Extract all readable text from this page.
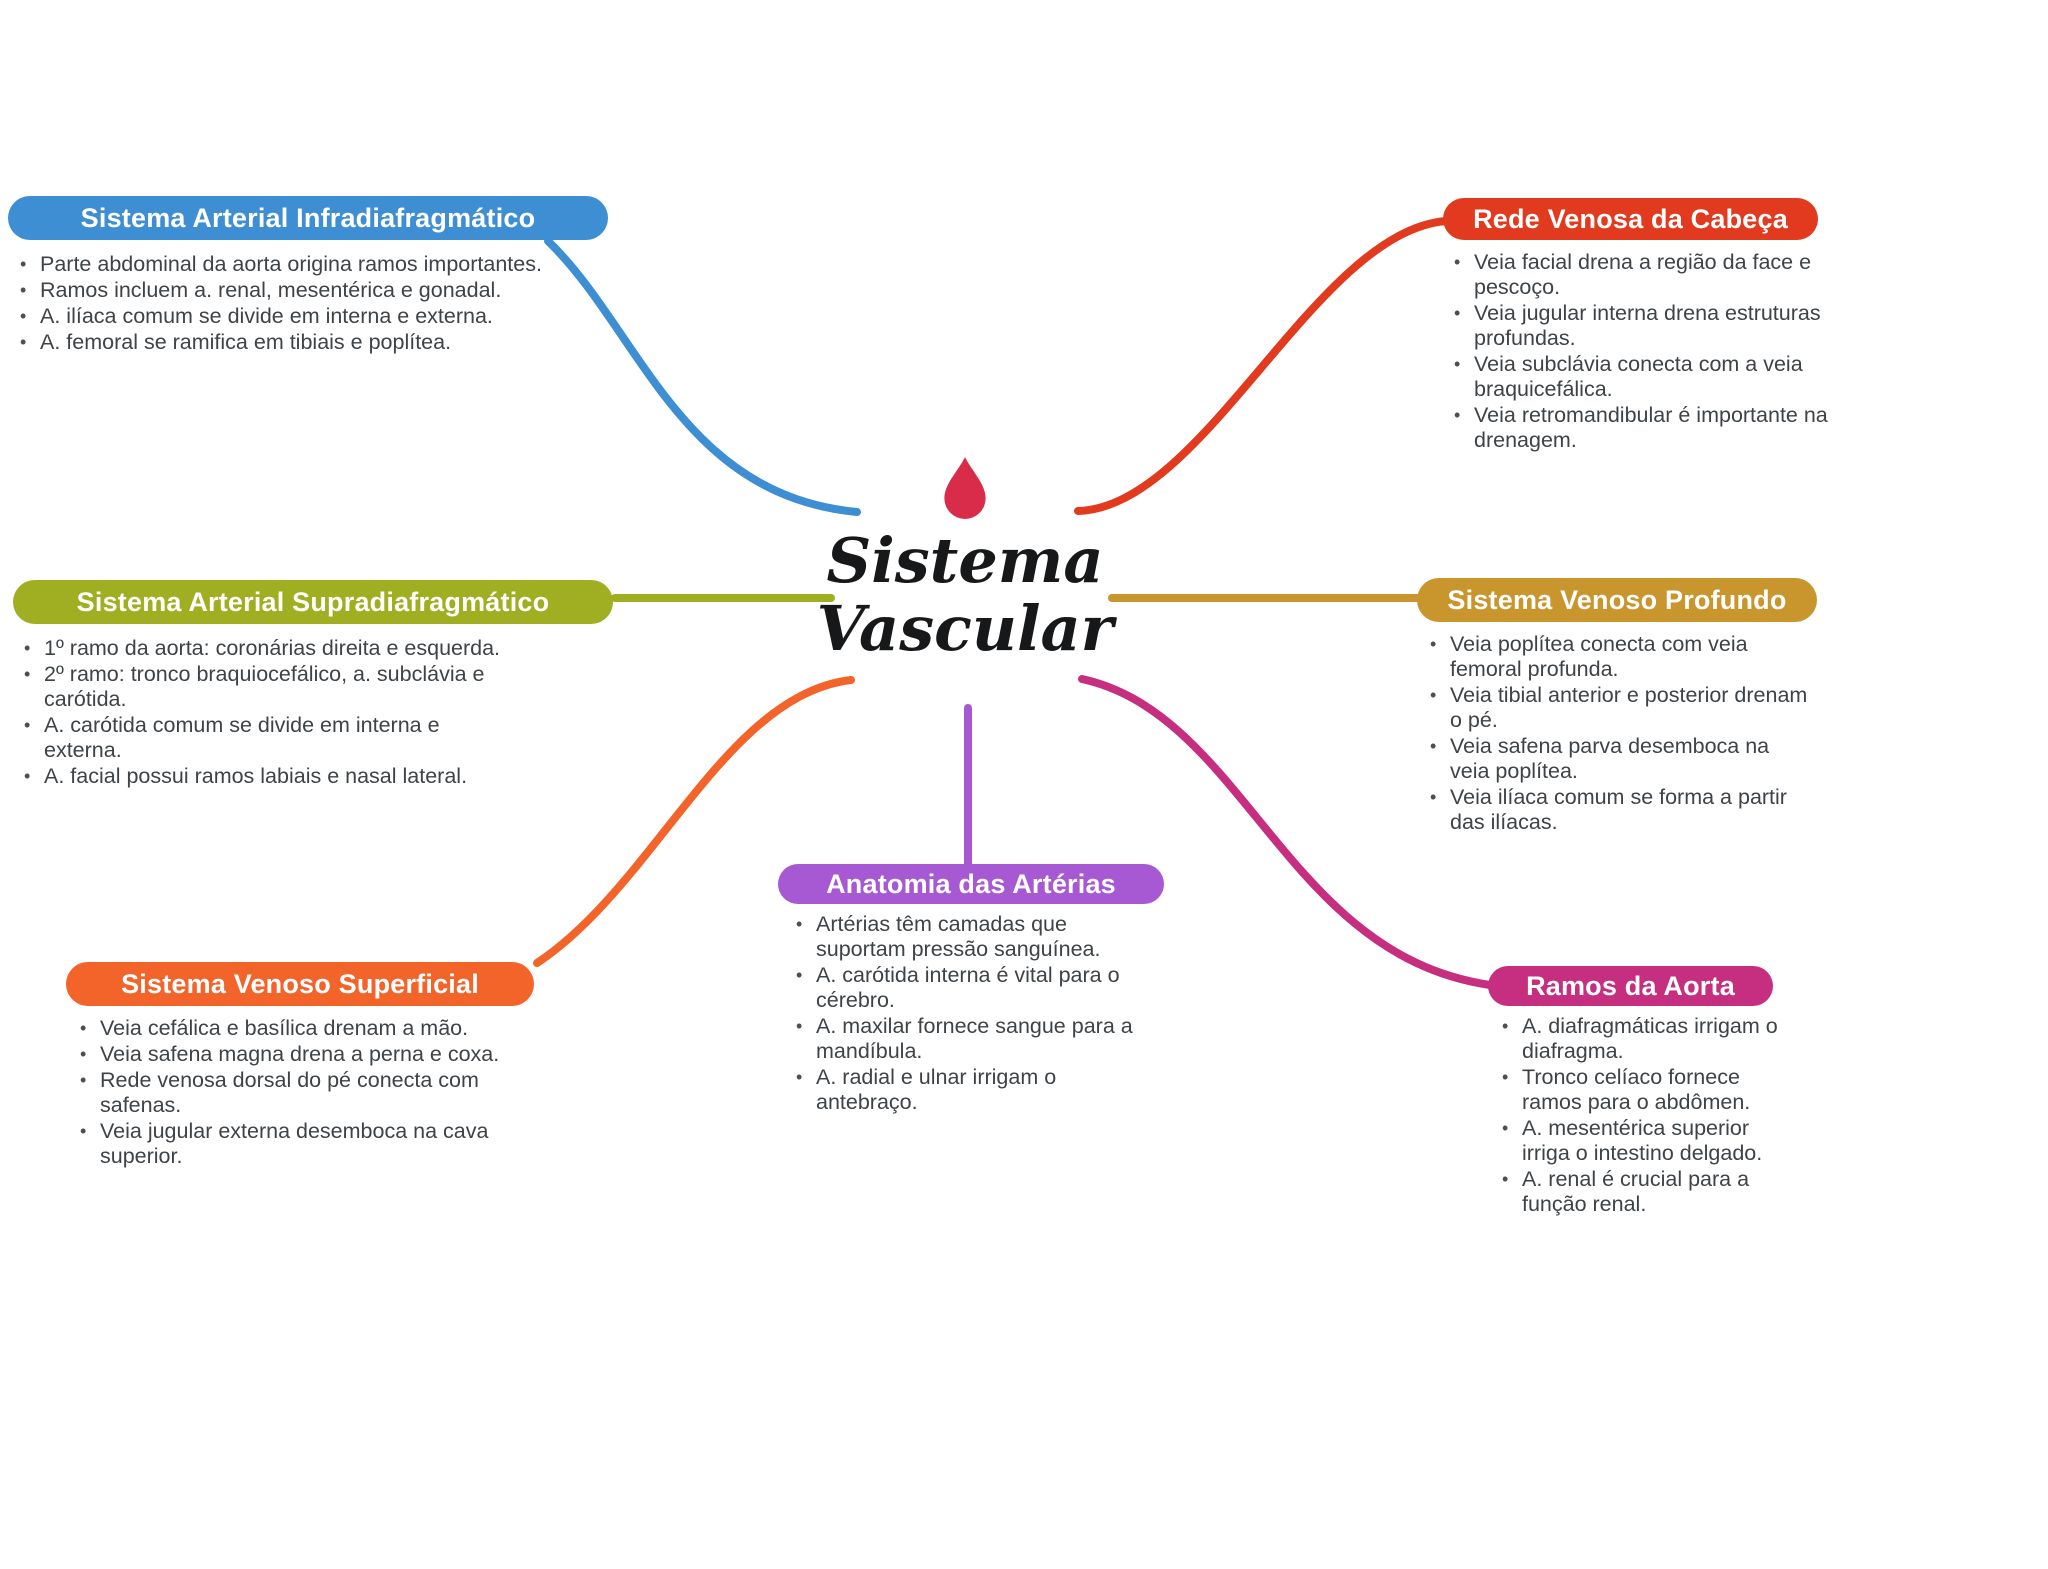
Sistema
Vascular
Sistema Arterial Infradiafragmático
• Parte abdominal da aorta origina ramos importantes.
• Ramos incluem a. renal, mesentérica e gonadal.
• A. ilíaca comum se divide em interna e externa.
• A. femoral se ramifica em tibiais e poplítea.
Rede Venosa da Cabeça
• Veia facial drena a região da face e pescoço.
• Veia jugular interna drena estruturas profundas.
• Veia subclávia conecta com a veia braquicefálica.
• Veia retromandibular é importante na drenagem.
Sistema Arterial Supradiafragmático
• 1º ramo da aorta: coronárias direita e esquerda.
• 2º ramo: tronco braquiocefálico, a. subclávia e carótida.
• A. carótida comum se divide em interna e externa.
• A. facial possui ramos labiais e nasal lateral.
Sistema Venoso Profundo
• Veia poplítea conecta com veia femoral profunda.
• Veia tibial anterior e posterior drenam o pé.
• Veia safena parva desemboca na veia poplítea.
• Veia ilíaca comum se forma a partir das ilíacas.
Sistema Venoso Superficial
• Veia cefálica e basílica drenam a mão.
• Veia safena magna drena a perna e coxa.
• Rede venosa dorsal do pé conecta com safenas.
• Veia jugular externa desemboca na cava superior.
Anatomia das Artérias
• Artérias têm camadas que suportam pressão sanguínea.
• A. carótida interna é vital para o cérebro.
• A. maxilar fornece sangue para a mandíbula.
• A. radial e ulnar irrigam o antebraço.
Ramos da Aorta
• A. diafragmáticas irrigam o diafragma.
• Tronco celíaco fornece ramos para o abdômen.
• A. mesentérica superior irriga o intestino delgado.
• A. renal é crucial para a função renal.
